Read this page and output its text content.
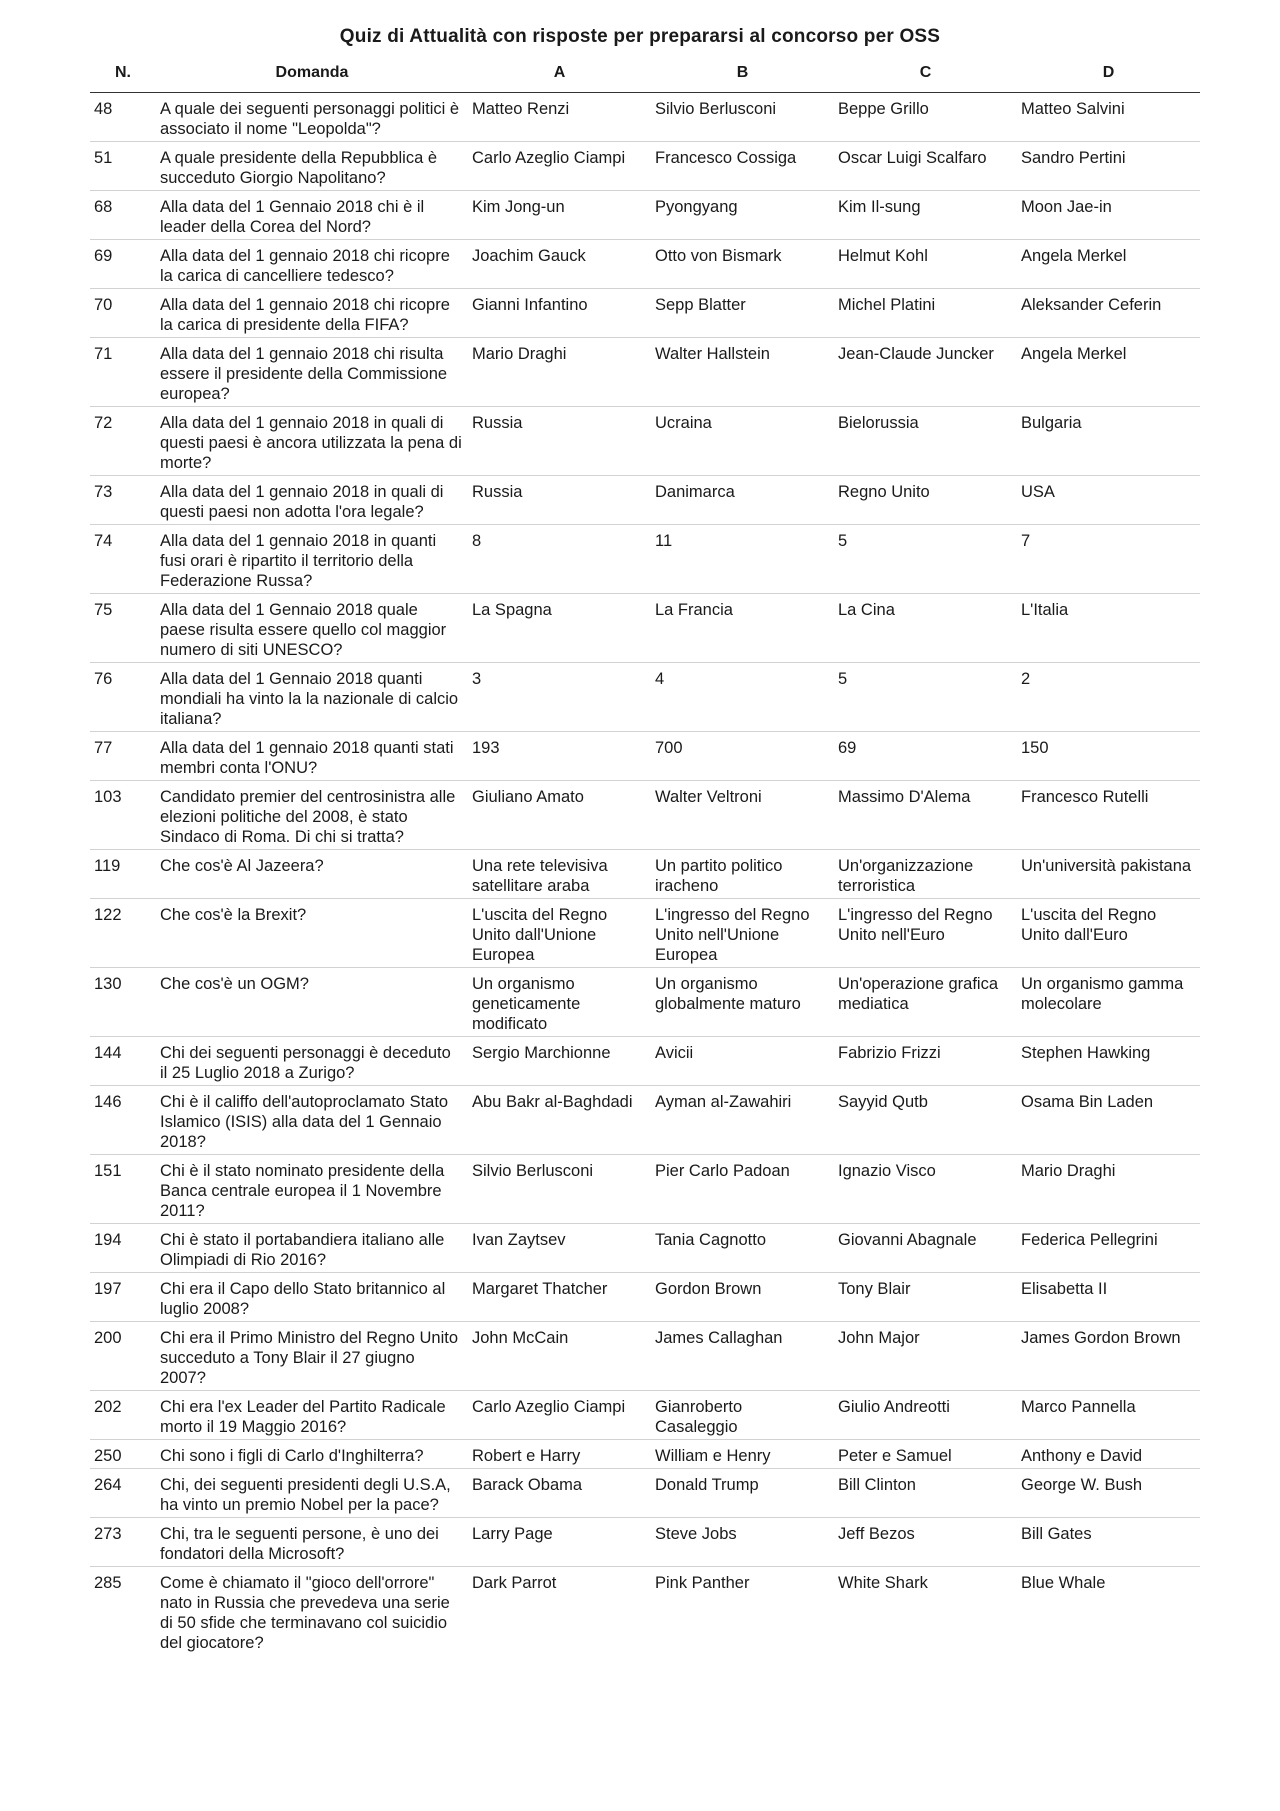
Quiz di Attualità con risposte per prepararsi al concorso per OSS
N.	Domanda	A	B	C	D
48	A quale dei seguenti personaggi politici è associato il nome "Leopolda"?	Matteo Renzi	Silvio Berlusconi	Beppe Grillo	Matteo Salvini
51	A quale presidente della Repubblica è succeduto Giorgio Napolitano?	Carlo Azeglio Ciampi	Francesco Cossiga	Oscar Luigi Scalfaro	Sandro Pertini
68	Alla data del 1 Gennaio 2018 chi è il leader della Corea del Nord?	Kim Jong-un	Pyongyang	Kim Il-sung	Moon Jae-in
69	Alla data del 1 gennaio 2018 chi ricopre la carica di cancelliere tedesco?	Joachim Gauck	Otto von Bismark	Helmut Kohl	Angela Merkel
70	Alla data del 1 gennaio 2018 chi ricopre la carica di presidente della FIFA?	Gianni Infantino	Sepp Blatter	Michel Platini	Aleksander Ceferin
71	Alla data del 1 gennaio 2018 chi risulta essere il presidente della Commissione europea?	Mario Draghi	Walter Hallstein	Jean-Claude Juncker	Angela Merkel
72	Alla data del 1 gennaio 2018 in quali di questi paesi è ancora utilizzata la pena di morte?	Russia	Ucraina	Bielorussia	Bulgaria
73	Alla data del 1 gennaio 2018 in quali di questi paesi non adotta l'ora legale?	Russia	Danimarca	Regno Unito	USA
74	Alla data del 1 gennaio 2018 in quanti fusi orari è ripartito il territorio della Federazione Russa?	8	11	5	7
75	Alla data del 1 Gennaio 2018 quale paese risulta essere quello col maggior numero di siti UNESCO?	La Spagna	La Francia	La Cina	L'Italia
76	Alla data del 1 Gennaio 2018 quanti mondiali ha vinto la la nazionale di calcio italiana?	3	4	5	2
77	Alla data del 1 gennaio 2018 quanti stati membri conta l'ONU?	193	700	69	150
103	Candidato premier del centrosinistra alle elezioni politiche del 2008, è stato Sindaco di Roma. Di chi si tratta?	Giuliano Amato	Walter Veltroni	Massimo D'Alema	Francesco Rutelli
119	Che cos'è Al Jazeera?	Una rete televisiva satellitare araba	Un partito politico iracheno	Un'organizzazione terroristica	Un'università pakistana
122	Che cos'è la Brexit?	L'uscita del Regno Unito dall'Unione Europea	L'ingresso del Regno Unito nell'Unione Europea	L'ingresso del Regno Unito nell'Euro	L'uscita del Regno Unito dall'Euro
130	Che cos'è un OGM?	Un organismo geneticamente modificato	Un organismo globalmente maturo	Un'operazione grafica mediatica	Un organismo gamma molecolare
144	Chi dei seguenti personaggi è deceduto il 25 Luglio 2018 a Zurigo?	Sergio Marchionne	Avicii	Fabrizio Frizzi	Stephen Hawking
146	Chi è il califfo dell'autoproclamato Stato Islamico (ISIS) alla data del 1 Gennaio 2018?	Abu Bakr al-Baghdadi	Ayman al-Zawahiri	Sayyid Qutb	Osama Bin Laden
151	Chi è il stato nominato presidente della Banca centrale europea il 1 Novembre 2011?	Silvio Berlusconi	Pier Carlo Padoan	Ignazio Visco	Mario Draghi
194	Chi è stato il portabandiera italiano alle Olimpiadi di Rio 2016?	Ivan Zaytsev	Tania Cagnotto	Giovanni Abagnale	Federica Pellegrini
197	Chi era il Capo dello Stato britannico al luglio 2008?	Margaret Thatcher	Gordon Brown	Tony Blair	Elisabetta II
200	Chi era il Primo Ministro del Regno Unito succeduto a Tony Blair il 27 giugno 2007?	John McCain	James Callaghan	John Major	James Gordon Brown
202	Chi era l'ex Leader del Partito Radicale morto il 19 Maggio 2016?	Carlo Azeglio Ciampi	Gianroberto Casaleggio	Giulio Andreotti	Marco Pannella
250	Chi sono i figli di Carlo d'Inghilterra?	Robert e Harry	William e Henry	Peter e Samuel	Anthony e David
264	Chi, dei seguenti presidenti degli U.S.A, ha vinto un premio Nobel per la pace?	Barack Obama	Donald Trump	Bill Clinton	George W. Bush
273	Chi, tra le seguenti persone, è uno dei fondatori della Microsoft?	Larry Page	Steve Jobs	Jeff Bezos	Bill Gates
285	Come è chiamato il "gioco dell'orrore" nato in Russia che prevedeva una serie di 50 sfide che terminavano col suicidio del giocatore?	Dark Parrot	Pink Panther	White Shark	Blue Whale
